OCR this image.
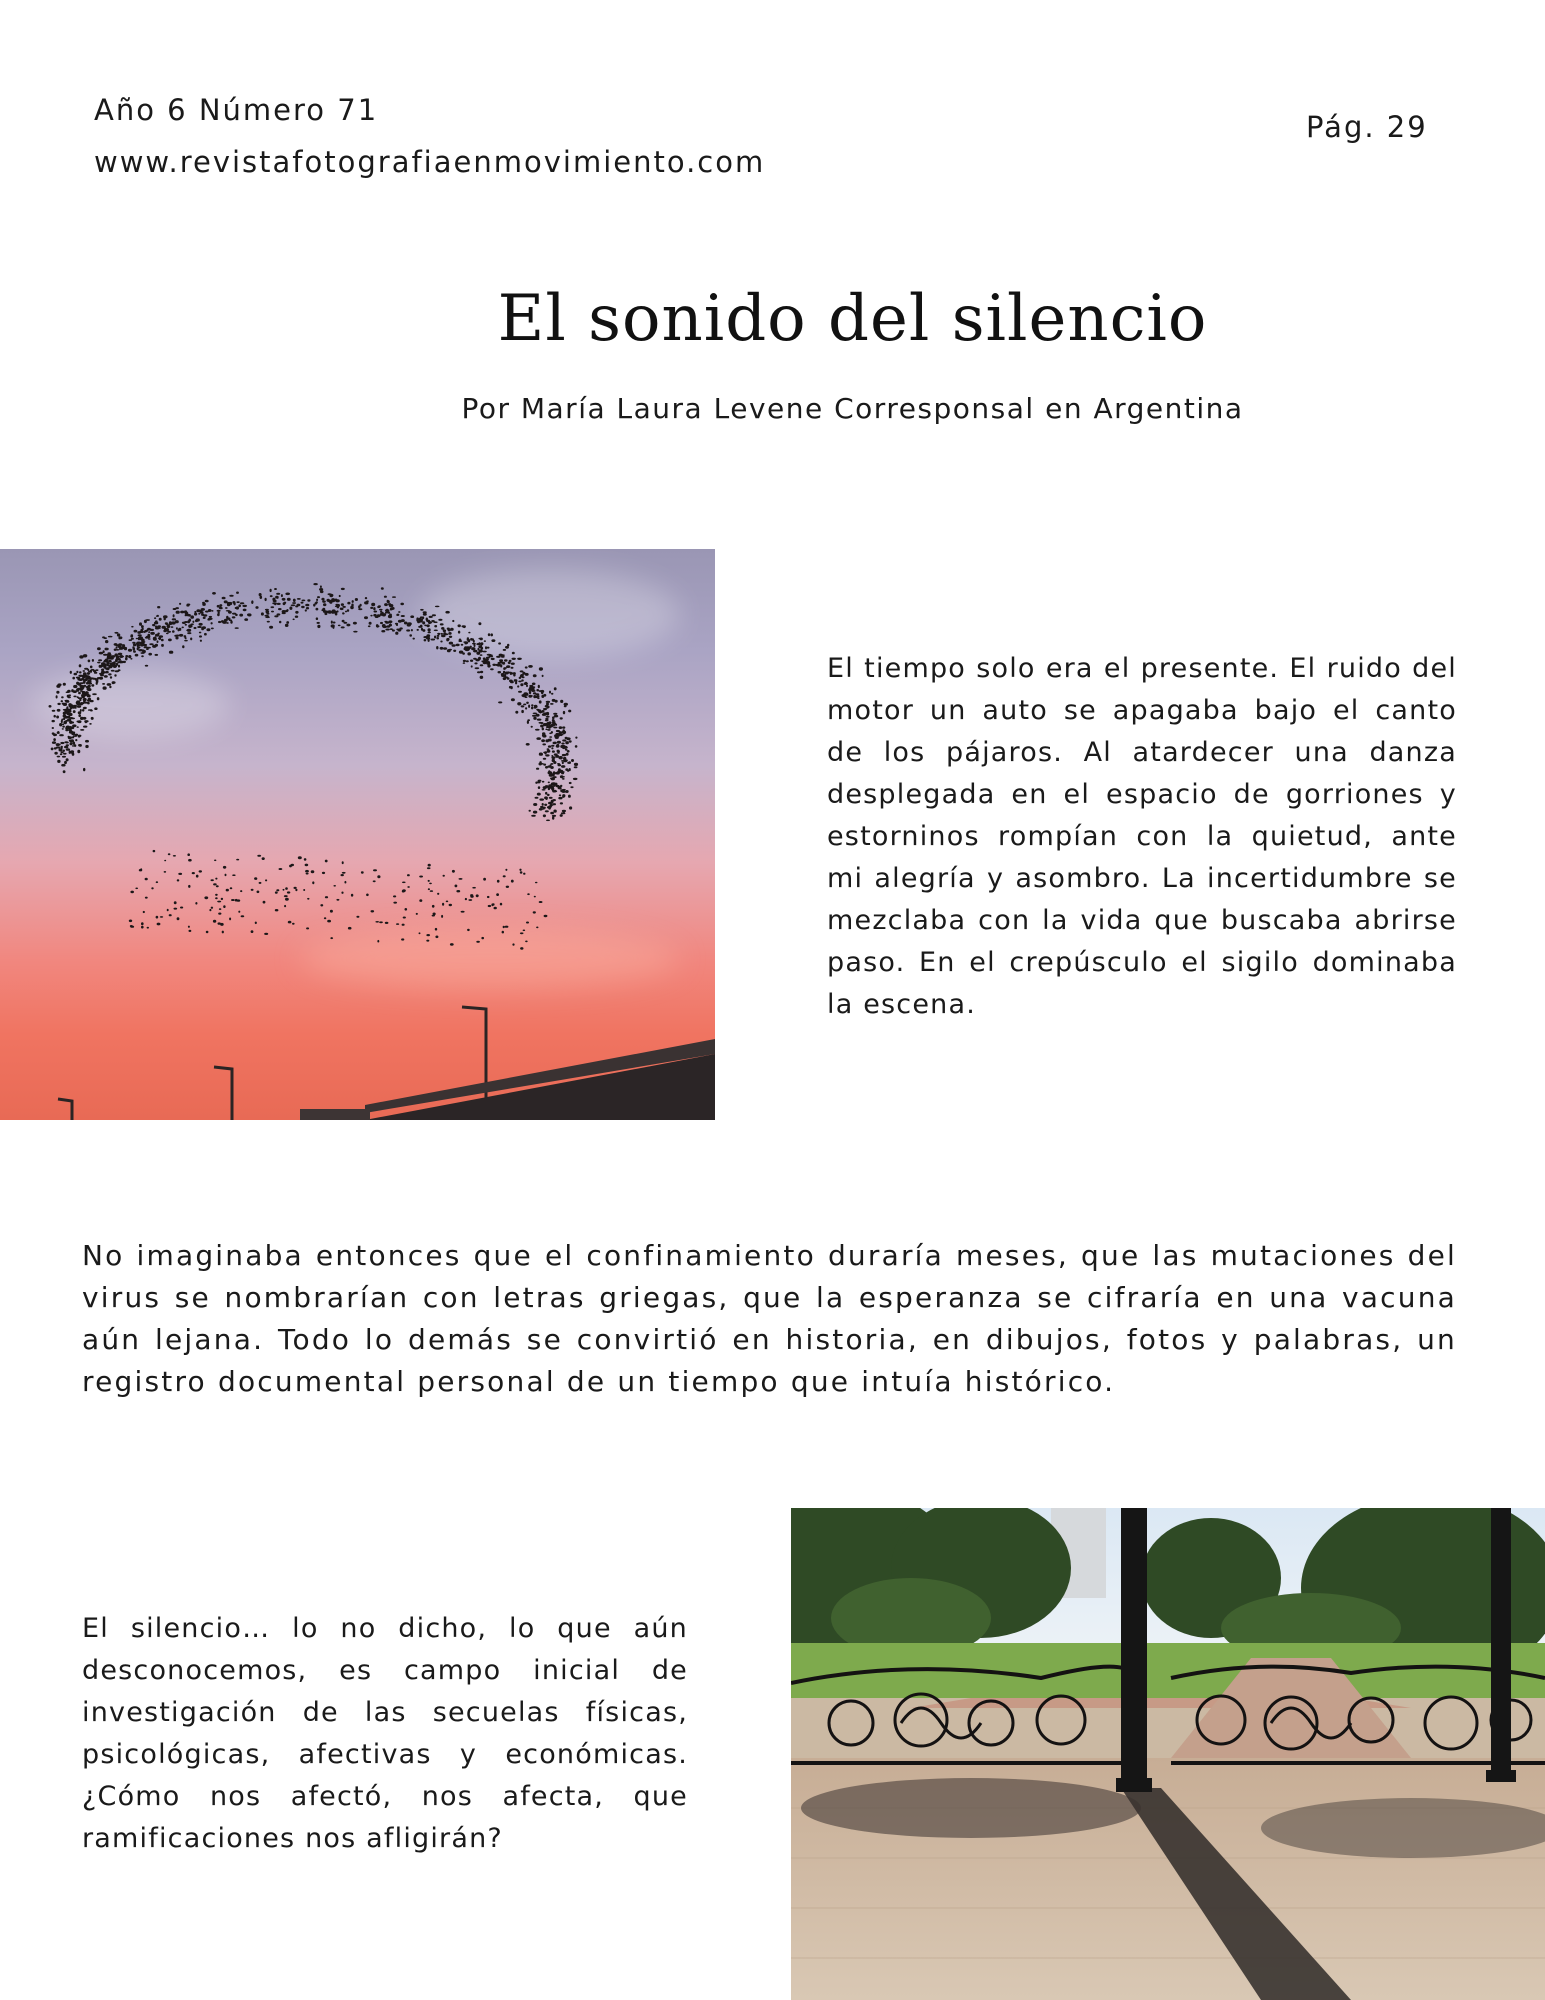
Año 6 Número 71
www.revistafotografiaenmovimiento.com
Pág. 29
El sonido del silencio
Por María Laura Levene Corresponsal en Argentina

El tiempo solo era el presente. El ruido del motor un auto se apagaba bajo el canto de los pájaros. Al atardecer una danza desplegada en el espacio de gorriones y estorninos rompían con la quietud, ante mi alegría y asombro. La incertidumbre se mezclaba con la vida que buscaba abrirse paso. En el crepúsculo el sigilo dominaba la escena.

No imaginaba entonces que el confinamiento duraría meses, que las mutaciones del virus se nombrarían con letras griegas, que la esperanza se cifraría en una vacuna aún lejana. Todo lo demás se convirtió en historia, en dibujos, fotos y palabras, un registro documental personal de un tiempo que intuía histórico.

El silencio… lo no dicho, lo que aún desconocemos, es campo inicial de investigación de las secuelas físicas, psicológicas, afectivas y económicas. ¿Cómo nos afectó, nos afecta, que ramificaciones nos afligirán?
